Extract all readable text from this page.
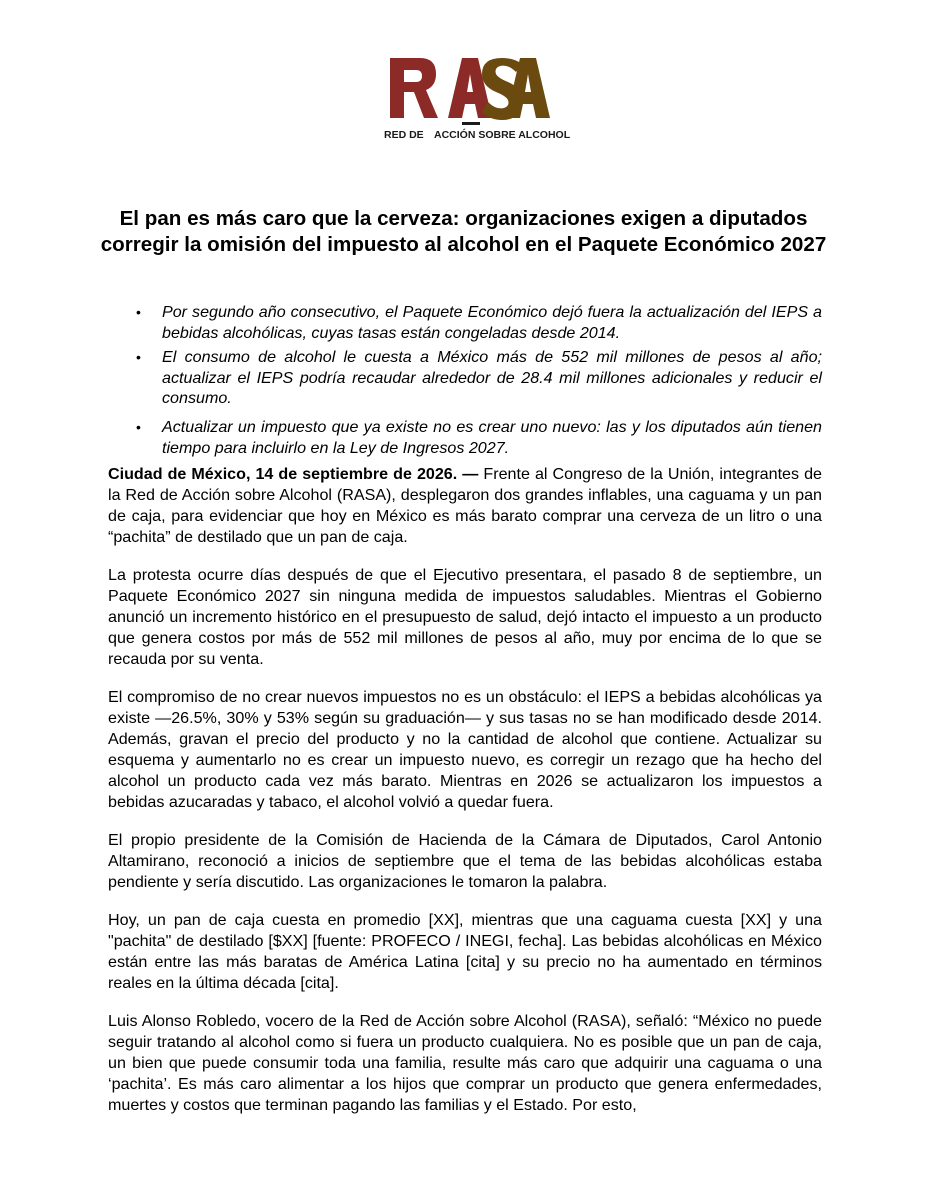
RED DE ACCIÓN SOBRE ALCOHOL
El pan es más caro que la cerveza: organizaciones exigen a diputados corregir la omisión del impuesto al alcohol en el Paquete Económico 2027
• Por segundo año consecutivo, el Paquete Económico dejó fuera la actualización del IEPS a bebidas alcohólicas, cuyas tasas están congeladas desde 2014.
• El consumo de alcohol le cuesta a México más de 552 mil millones de pesos al año; actualizar el IEPS podría recaudar alrededor de 28.4 mil millones adicionales y reducir el consumo.
• Actualizar un impuesto que ya existe no es crear uno nuevo: las y los diputados aún tienen tiempo para incluirlo en la Ley de Ingresos 2027.

Ciudad de México, 14 de septiembre de 2026. — Frente al Congreso de la Unión, integrantes de la Red de Acción sobre Alcohol (RASA), desplegaron dos grandes inflables, una caguama y un pan de caja, para evidenciar que hoy en México es más barato comprar una cerveza de un litro o una “pachita” de destilado que un pan de caja.

La protesta ocurre días después de que el Ejecutivo presentara, el pasado 8 de septiembre, un Paquete Económico 2027 sin ninguna medida de impuestos saludables. Mientras el Gobierno anunció un incremento histórico en el presupuesto de salud, dejó intacto el impuesto a un producto que genera costos por más de 552 mil millones de pesos al año, muy por encima de lo que se recauda por su venta.

El compromiso de no crear nuevos impuestos no es un obstáculo: el IEPS a bebidas alcohólicas ya existe —26.5%, 30% y 53% según su graduación— y sus tasas no se han modificado desde 2014. Además, gravan el precio del producto y no la cantidad de alcohol que contiene. Actualizar su esquema y aumentarlo no es crear un impuesto nuevo, es corregir un rezago que ha hecho del alcohol un producto cada vez más barato. Mientras en 2026 se actualizaron los impuestos a bebidas azucaradas y tabaco, el alcohol volvió a quedar fuera.

El propio presidente de la Comisión de Hacienda de la Cámara de Diputados, Carol Antonio Altamirano, reconoció a inicios de septiembre que el tema de las bebidas alcohólicas estaba pendiente y sería discutido. Las organizaciones le tomaron la palabra.

Hoy, un pan de caja cuesta en promedio [XX], mientras que una caguama cuesta [XX] y una "pachita" de destilado [$XX] [fuente: PROFECO / INEGI, fecha]. Las bebidas alcohólicas en México están entre las más baratas de América Latina [cita] y su precio no ha aumentado en términos reales en la última década [cita].

Luis Alonso Robledo, vocero de la Red de Acción sobre Alcohol (RASA), señaló: “México no puede seguir tratando al alcohol como si fuera un producto cualquiera. No es posible que un pan de caja, un bien que puede consumir toda una familia, resulte más caro que adquirir una caguama o una ‘pachita’. Es más caro alimentar a los hijos que comprar un producto que genera enfermedades, muertes y costos que terminan pagando las familias y el Estado. Por esto,
